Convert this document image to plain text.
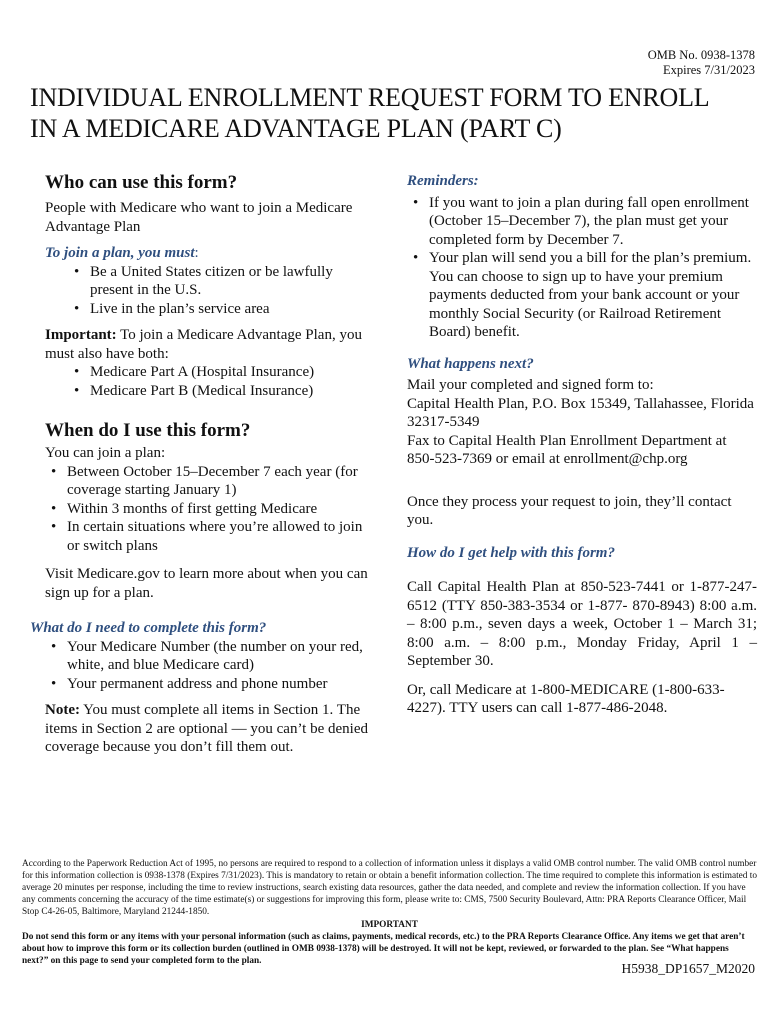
OMB No. 0938-1378
Expires 7/31/2023
INDIVIDUAL ENROLLMENT REQUEST FORM TO ENROLL
IN A MEDICARE ADVANTAGE PLAN (PART C)
Who can use this form?

People with Medicare who want to join a Medicare Advantage Plan

To join a plan, you must:

• Be a United States citizen or be lawfully present in the U.S.
• Live in the plan’s service area

Important: To join a Medicare Advantage Plan, you must also have both:

• Medicare Part A (Hospital Insurance)
• Medicare Part B (Medical Insurance)
When do I use this form?

You can join a plan:

• Between October 15–December 7 each year (for coverage starting January 1)
• Within 3 months of first getting Medicare
• In certain situations where you’re allowed to join or switch plans

Visit Medicare.gov to learn more about when you can sign up for a plan.

What do I need to complete this form?

• Your Medicare Number (the number on your red, white, and blue Medicare card)
• Your permanent address and phone number

Note: You must complete all items in Section 1. The items in Section 2 are optional — you can’t be denied coverage because you don’t fill them out.

Reminders:

• If you want to join a plan during fall open enrollment (October 15–December 7), the plan must get your completed form by December 7.
• Your plan will send you a bill for the plan’s premium. You can choose to sign up to have your premium payments deducted from your bank account or your monthly Social Security (or Railroad Retirement Board) benefit.

What happens next?

Mail your completed and signed form to:

Capital Health Plan, P.O. Box 15349, Tallahassee, Florida 32317-5349

Fax to Capital Health Plan Enrollment Department at 850-523-7369 or email at enrollment@chp.org

Once they process your request to join, they’ll contact you.

How do I get help with this form?

Call Capital Health Plan at 850-523-7441 or 1-877-247-6512 (TTY 850-383-3534 or 1-877- 870-8943) 8:00 a.m. – 8:00 p.m., seven days a week, October 1 – March 31; 8:00 a.m. – 8:00 p.m., Monday Friday, April 1 – September 30.

Or, call Medicare at 1-800-MEDICARE (1-800-633-4227). TTY users can call 1-877-486-2048.

According to the Paperwork Reduction Act of 1995, no persons are required to respond to a collection of information unless it displays a valid OMB control number. The valid OMB control number for this information collection is 0938-1378 (Expires 7/31/2023). This is mandatory to retain or obtain a benefit information collection. The time required to complete this information is estimated to average 20 minutes per response, including the time to review instructions, search existing data resources, gather the data needed, and complete and review the information collection. If you have any comments concerning the accuracy of the time estimate(s) or suggestions for improving this form, please write to: CMS, 7500 Security Boulevard, Attn: PRA Reports Clearance Officer, Mail Stop C4-26-05, Baltimore, Maryland 21244-1850.

IMPORTANT

Do not send this form or any items with your personal information (such as claims, payments, medical records, etc.) to the PRA Reports Clearance Office. Any items we get that aren’t about how to improve this form or its collection burden (outlined in OMB 0938-1378) will be destroyed. It will not be kept, reviewed, or forwarded to the plan. See “What happens next?” on this page to send your completed form to the plan.	H5938_DP1657_M2020
